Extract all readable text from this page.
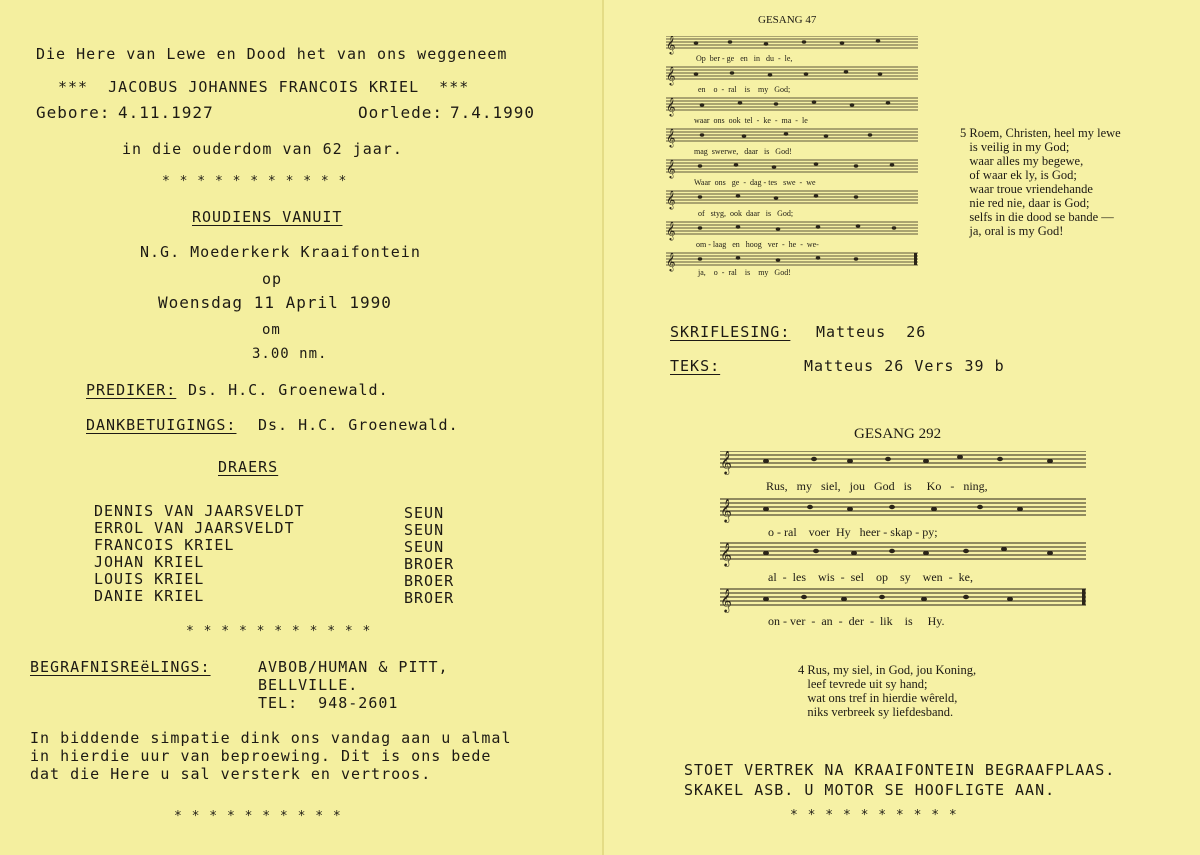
Die Here van Lewe en Dood het van ons weggeneem
***  JACOBUS JOHANNES FRANCOIS KRIEL  ***
Gebore: 4.11.1927	Oorlede: 7.4.1990
in die ouderdom van 62 jaar.
* * * * * * * * * * *
ROUDIENS VANUIT
N.G. Moederkerk Kraaifontein
op
Woensdag 11 April 1990
om
3.00 nm.
PREDIKER: Ds. H.C. Groenewald.
DANKBETUIGINGS: Ds. H.C. Groenewald.
DRAERS
DENNIS VAN JAARSVELDT	SEUN
ERROL VAN JAARSVELDT	SEUN
FRANCOIS KRIEL	SEUN
JOHAN KRIEL	BROER
LOUIS KRIEL	BROER
DANIE KRIEL	BROER
* * * * * * * * * * *
BEGRAFNISREëLINGS:	AVBOB/HUMAN & PITT,
BELLVILLE.
TEL:  948-2601
In biddende simpatie dink ons vandag aan u almal
in hierdie uur van beproewing. Dit is ons bede
dat die Here u sal versterk en vertroos.
* * * * * * * * * *
GESANG 47
𝄞
𝄞
𝄞
𝄞
𝄞
𝄞
𝄞
𝄞
Op  ber - ge   en   in   du  -  le,
en    o  -  ral    is    my   God;
waar  ons  ook  tel  -  ke  -  ma  -  le
mag  swerwe,   daar   is   God!
Waar  ons   ge  -  dag - tes   swe  -  we
of   styg,  ook  daar   is   God;
om - laag   en   hoog   ver  -  he  -  we-
ja,    o  -  ral    is    my   God!
5 Roem, Christen, heel my lewe
is veilig in my God;
waar alles my begewe,
of waar ek ly, is God;
waar troue vriendehande
nie red nie, daar is God;
selfs in die dood se bande —
ja, oral is my God!
SKRIFLESING: Matteus  26
TEKS:	Matteus 26 Vers 39 b
GESANG 292
𝄞
𝄞
𝄞
𝄞
Rus,   my   siel,   jou   God   is     Ko   -   ning,
o - ral    voer  Hy   heer - skap - py;
al  -  les    wis  -  sel    op    sy    wen  -  ke,
on - ver  -  an  -  der  -  lik    is     Hy.
4 Rus, my siel, in God, jou Koning,
leef tevrede uit sy hand;
wat ons tref in hierdie wêreld,
niks verbreek sy liefdesband.
STOET VERTREK NA KRAAIFONTEIN BEGRAAFPLAAS.
SKAKEL ASB. U MOTOR SE HOOFLIGTE AAN.
* * * * * * * * * *
